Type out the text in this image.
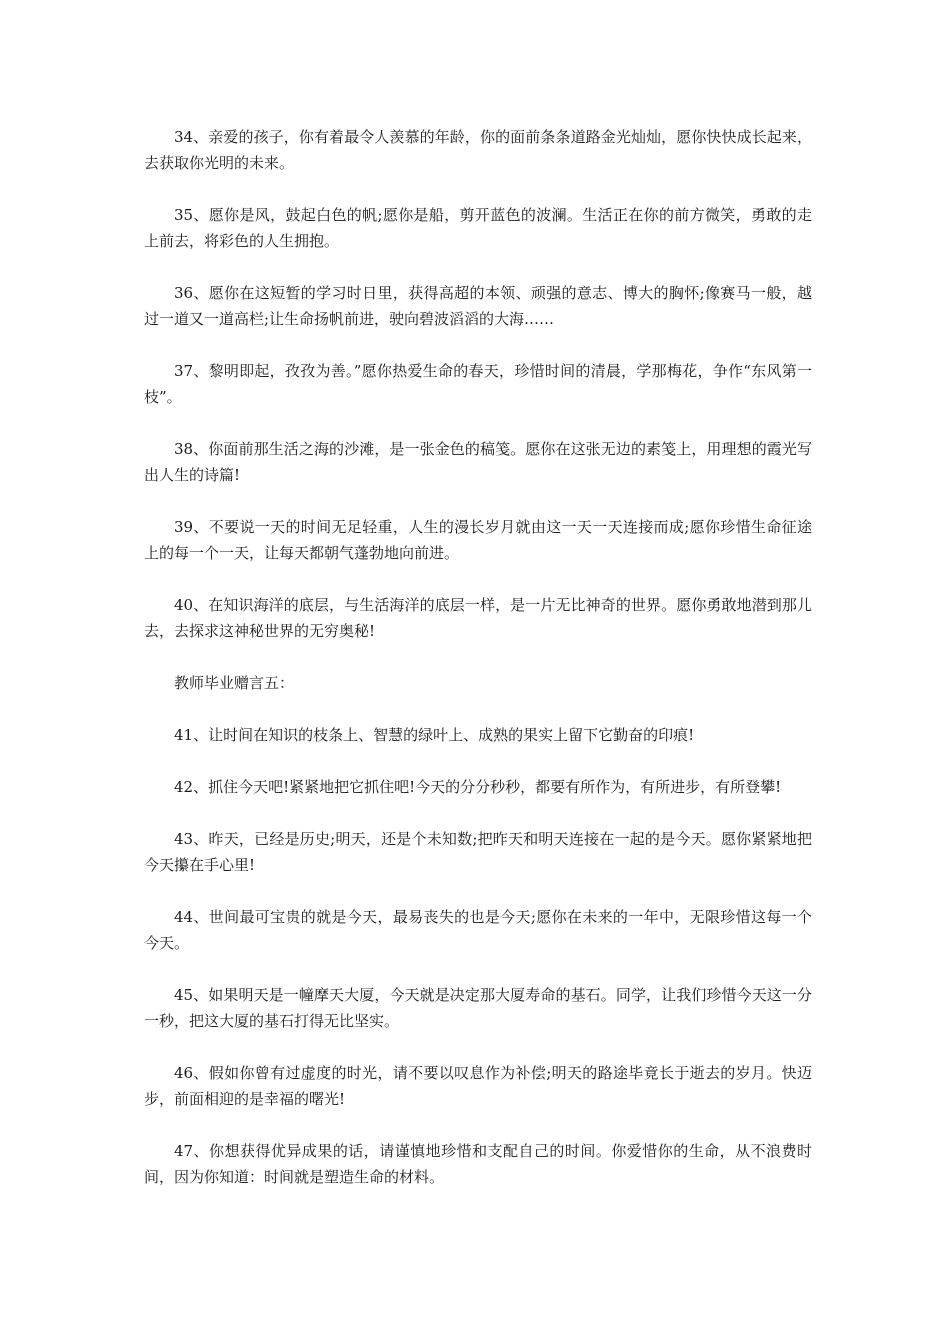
34、亲爱的孩子，你有着最令人羡慕的年龄，你的面前条条道路金光灿灿，愿你快快成长起来，去获取你光明的未来。

35、愿你是风，鼓起白色的帆;愿你是船，剪开蓝色的波澜。生活正在你的前方微笑，勇敢的走上前去，将彩色的人生拥抱。

36、愿你在这短暂的学习时日里，获得高超的本领、顽强的意志、博大的胸怀;像赛马一般，越过一道又一道高栏;让生命扬帆前进，驶向碧波滔滔的大海……

37、黎明即起，孜孜为善。”愿你热爱生命的春天，珍惜时间的清晨，学那梅花，争作“东风第一枝”。

38、你面前那生活之海的沙滩，是一张金色的稿笺。愿你在这张无边的素笺上，用理想的霞光写出人生的诗篇!

39、不要说一天的时间无足轻重，人生的漫长岁月就由这一天一天连接而成;愿你珍惜生命征途上的每一个一天，让每天都朝气蓬勃地向前进。

40、在知识海洋的底层，与生活海洋的底层一样，是一片无比神奇的世界。愿你勇敢地潜到那儿去，去探求这神秘世界的无穷奥秘!

教师毕业赠言五：

41、让时间在知识的枝条上、智慧的绿叶上、成熟的果实上留下它勤奋的印痕!

42、抓住今天吧!紧紧地把它抓住吧!今天的分分秒秒，都要有所作为，有所进步，有所登攀!

43、昨天，已经是历史;明天，还是个未知数;把昨天和明天连接在一起的是今天。愿你紧紧地把今天攥在手心里!

44、世间最可宝贵的就是今天，最易丧失的也是今天;愿你在未来的一年中，无限珍惜这每一个今天。

45、如果明天是一幢摩天大厦，今天就是决定那大厦寿命的基石。同学，让我们珍惜今天这一分一秒，把这大厦的基石打得无比坚实。

46、假如你曾有过虚度的时光，请不要以叹息作为补偿;明天的路途毕竟长于逝去的岁月。快迈步，前面相迎的是幸福的曙光!

47、你想获得优异成果的话，请谨慎地珍惜和支配自己的时间。你爱惜你的生命，从不浪费时间，因为你知道：时间就是塑造生命的材料。
